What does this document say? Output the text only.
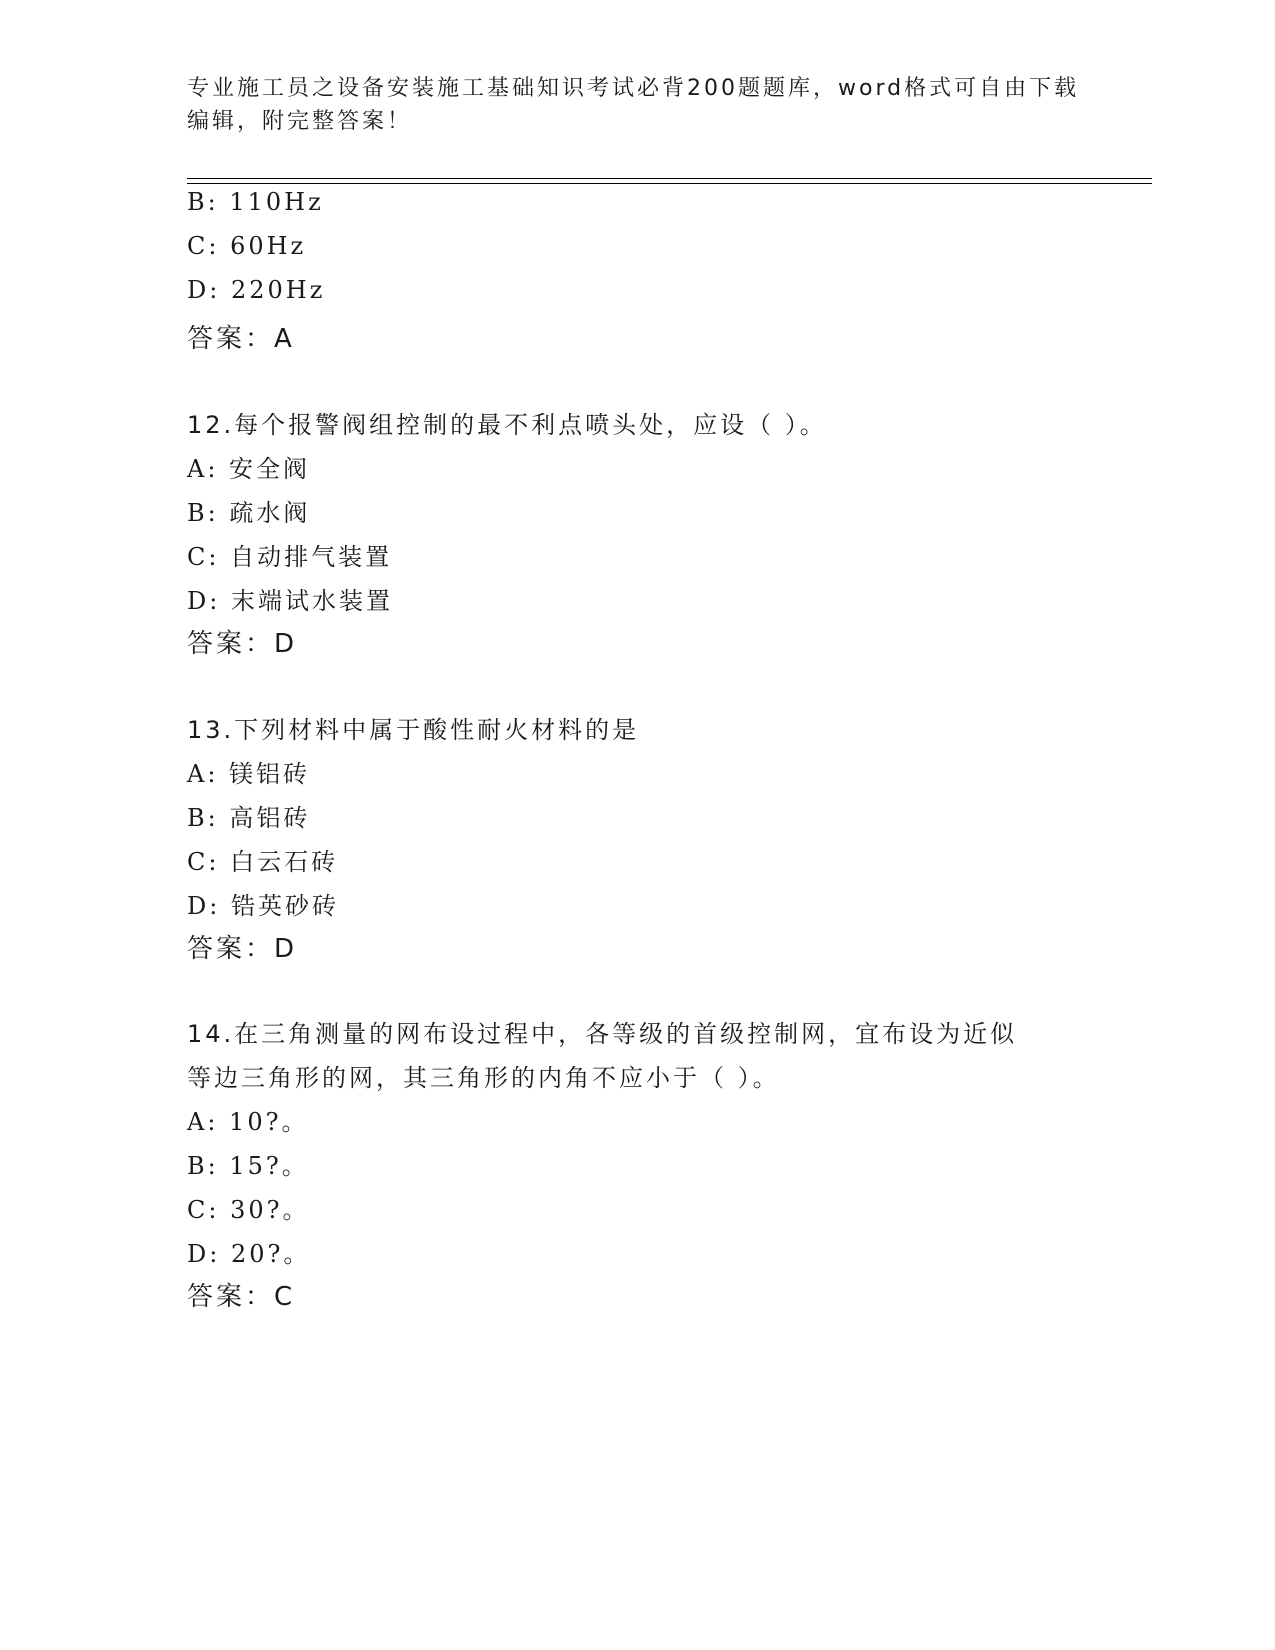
专业施工员之设备安装施工基础知识考试必背200题题库，word格式可自由下载
编辑，附完整答案！
B: 110Hz
C: 60Hz
D: 220Hz
答案：A
12.每个报警阀组控制的最不利点喷头处，应设（ ）。
A: 安全阀
B: 疏水阀
C: 自动排气装置
D: 末端试水装置
答案：D
13.下列材料中属于酸性耐火材料的是
A: 镁铝砖
B: 高铝砖
C: 白云石砖
D: 锆英砂砖
答案：D
14.在三角测量的网布设过程中，各等级的首级控制网，宜布设为近似
等边三角形的网，其三角形的内角不应小于（ ）。
A: 10?。
B: 15?。
C: 30?。
D: 20?。
答案：C
